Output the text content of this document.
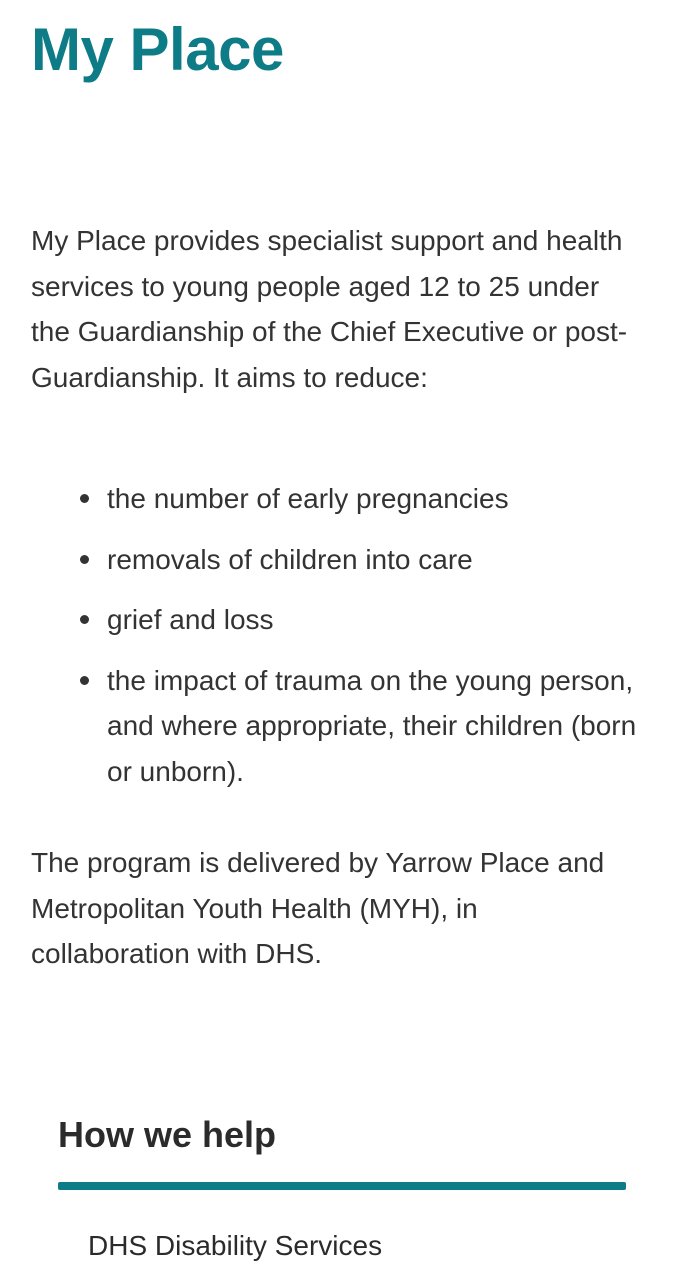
My Place

My Place provides specialist support and health services to young people aged 12 to 25 under the Guardianship of the Chief Executive or post-Guardianship. It aims to reduce:

the number of early pregnancies
removals of children into care
grief and loss
the impact of trauma on the young person, and where appropriate, their children (born or unborn).

The program is delivered by Yarrow Place and Metropolitan Youth Health (MYH), in collaboration with DHS.

How we help
DHS Disability Services
